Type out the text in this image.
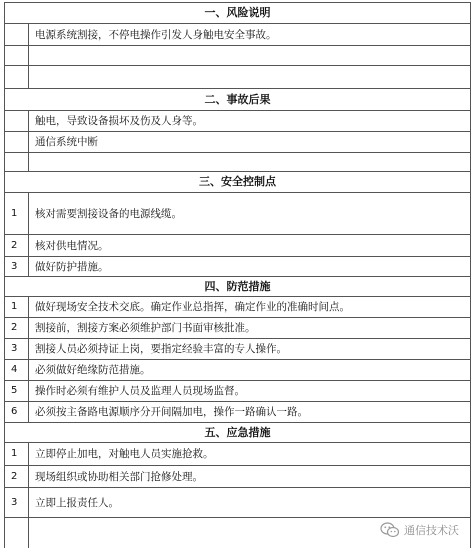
一、风险说明	
	电源系统割接，不停电操作引发人身触电安全事故。

二、事故后果	
	触电，导致设备损坏及伤及人身等。
	通信系统中断

三、安全控制点	
1	核对需要割接设备的电源线缆。
2	核对供电情况。
3	做好防护措施。
四、防范措施	
1	做好现场安全技术交底。确定作业总指挥，确定作业的准确时间点。
2	割接前，割接方案必须维护部门书面审核批准。
3	割接人员必须持证上岗，要指定经验丰富的专人操作。
4	必须做好绝缘防范措施。
5	操作时必须有维护人员及监理人员现场监督。
6	必须按主备路电源顺序分开间隔加电，操作一路确认一路。
五、应急措施	
1	立即停止加电，对触电人员实施抢救。
2	现场组织或协助相关部门抢修处理。
3	立即上报责任人。

通信技术沃
